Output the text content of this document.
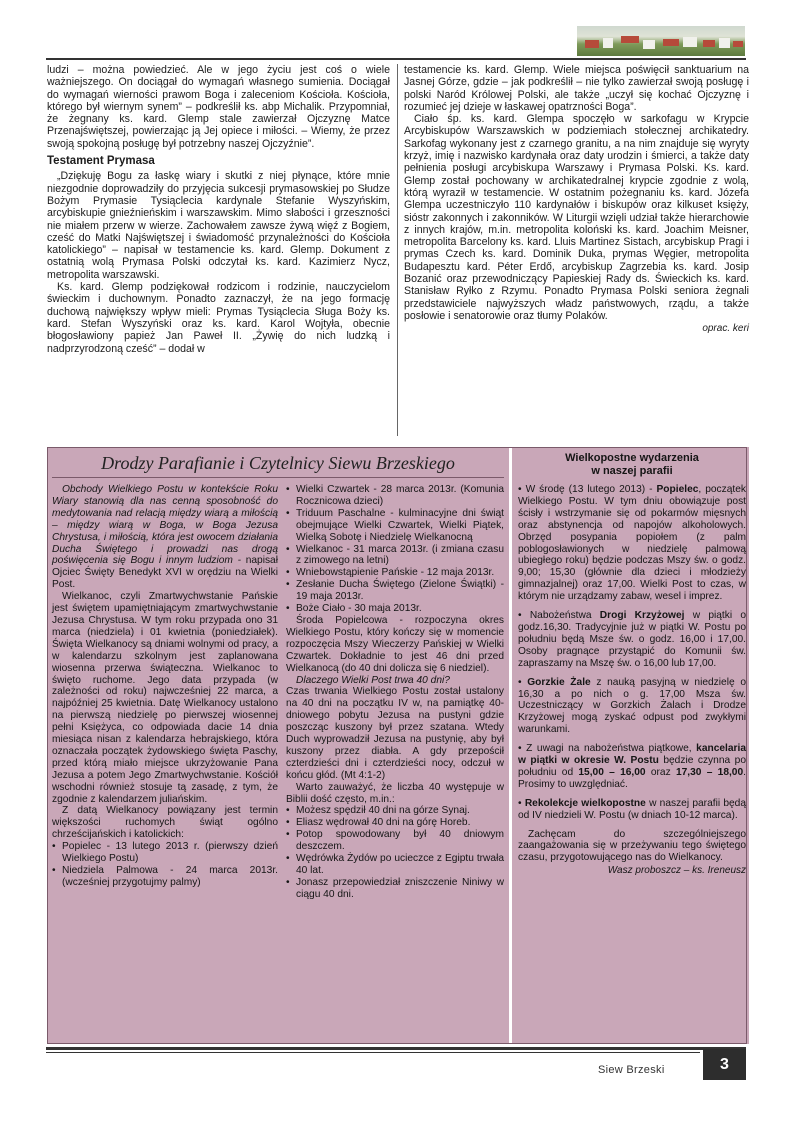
ludzi – można powiedzieć. Ale w jego życiu jest coś o wiele ważniejszego. On dociągał do wymagań własnego sumienia. Dociągał do wymagań wierności prawom Boga i zaleceniom Kościoła. Kościoła, którego był wiernym synem” – podkreślił ks. abp Michalik. Przypomniał, że żegnany ks. kard. Glemp stale zawierzał Ojczyznę Matce Przenajświętszej, powierzając ją Jej opiece i miłości. – Wiemy, że przez swoją spokojną posługę był potrzebny naszej Ojczyźnie”.

Testament Prymasa

„Dziękuję Bogu za łaskę wiary i skutki z niej płynące, które mnie niezgodnie doprowadziły do przyjęcia sukcesji prymasowskiej po Słudze Bożym Prymasie Tysiąclecia kardynale Stefanie Wyszyńskim, arcybiskupie gnieźnieńskim i warszawskim. Mimo słabości i grzeszności nie miałem przerw w wierze. Zachowałem zawsze żywą więź z Bogiem, cześć do Matki Najświętszej i świadomość przynależności do Kościoła katolickiego” – napisał w testamencie ks. kard. Glemp. Dokument z ostatnią wolą Prymasa Polski odczytał ks. kard. Kazimierz Nycz, metropolita warszawski.

Ks. kard. Glemp podziękował rodzicom i rodzinie, nauczycielom świeckim i duchownym. Ponadto zaznaczył, że na jego formację duchową największy wpływ mieli: Prymas Tysiąclecia Sługa Boży ks. kard. Stefan Wyszyński oraz ks. kard. Karol Wojtyła, obecnie błogosławiony papież Jan Paweł II. „Żywię do nich ludzką i nadprzyrodzoną cześć” – dodał w

testamencie ks. kard. Glemp. Wiele miejsca poświęcił sanktuarium na Jasnej Górze, gdzie – jak podkreślił – nie tylko zawierzał swoją posługę i polski Naród Królowej Polski, ale także „uczył się kochać Ojczyznę i rozumieć jej dzieje w łaskawej opatrzności Boga”.

Ciało śp. ks. kard. Glempa spoczęło w sarkofagu w Krypcie Arcybiskupów Warszawskich w podziemiach stołecznej archikatedry. Sarkofag wykonany jest z czarnego granitu, a na nim znajduje się wyryty krzyż, imię i nazwisko kardynała oraz daty urodzin i śmierci, a także daty pełnienia posługi arcybiskupa Warszawy i Prymasa Polski. Ks. kard. Glemp został pochowany w archikatedralnej krypcie zgodnie z wolą, którą wyraził w testamencie. W ostatnim pożegnaniu ks. kard. Józefa Glempa uczestniczyło 110 kardynałów i biskupów oraz kilkuset księży, sióstr zakonnych i zakonników. W Liturgii wzięli udział także hierarchowie z innych krajów, m.in. metropolita koloński ks. kard. Joachim Meisner, metropolita Barcelony ks. kard. Lluis Martinez Sistach, arcybiskup Pragi i prymas Czech ks. kard. Dominik Duka, prymas Węgier, metropolita Budapesztu kard. Péter Erdő, arcybiskup Zagrzebia ks. kard. Josip Bozanić oraz przewodniczący Papieskiej Rady ds. Świeckich ks. kard. Stanisław Ryłko z Rzymu. Ponadto Prymasa Polski seniora żegnali przedstawiciele najwyższych władz państwowych, rządu, a także posłowie i senatorowie oraz tłumy Polaków.

oprac. keri
Drodzy Parafianie i Czytelnicy Siewu Brzeskiego

Obchody Wielkiego Postu w kontekście Roku Wiary stanowią dla nas cenną sposobność do medytowania nad relacją między wiarą a miłością – między wiarą w Boga, w Boga Jezusa Chrystusa, i miłością, która jest owocem działania Ducha Świętego i prowadzi nas drogą poświęcenia się Bogu i innym ludziom - napisał Ojciec Święty Benedykt XVI w orędziu na Wielki Post.

Wielkanoc, czyli Zmartwychwstanie Pańskie jest świętem upamiętniającym zmartwychwstanie Jezusa Chrystusa. W tym roku przypada ono 31 marca (niedziela) i 01 kwietnia (poniedziałek). Święta Wielkanocy są dniami wolnymi od pracy, a w kalendarzu szkolnym jest zaplanowana wiosenna przerwa świąteczna. Wielkanoc to święto ruchome. Jego data przypada (w zależności od roku) najwcześniej 22 marca, a najpóźniej 25 kwietnia. Datę Wielkanocy ustalono na pierwszą niedzielę po pierwszej wiosennej pełni Księżyca, co odpowiada dacie 14 dnia miesiąca nisan z kalendarza hebrajskiego, która oznaczała początek żydowskiego święta Paschy, przed którą miało miejsce ukrzyżowanie Pana Jezusa a potem Jego Zmartwychwstanie. Kościół wschodni również stosuje tą zasadę, z tym, że zgodnie z kalendarzem juliańskim.

Z datą Wielkanocy powiązany jest termin większości ruchomych świąt ogólno chrześcijańskich i katolickich:

• Popielec - 13 lutego 2013 r. (pierwszy dzień Wielkiego Postu)
• Niedziela Palmowa - 24 marca 2013r. (wcześniej przygotujmy palmy)
• Wielki Czwartek - 28 marca 2013r. (Komunia Rocznicowa dzieci)
• Triduum Paschalne - kulminacyjne dni świąt obejmujące Wielki Czwartek, Wielki Piątek, Wielką Sobotę i Niedzielę Wielkanocną
• Wielkanoc - 31 marca 2013r. (i zmiana czasu z zimowego na letni)
• Wniebowstąpienie Pańskie - 12 maja 2013r.
• Zesłanie Ducha Świętego (Zielone Świątki) - 19 maja 2013r.
• Boże Ciało - 30 maja 2013r.

Środa Popielcowa - rozpoczyna okres Wielkiego Postu, który kończy się w momencie rozpoczęcia Mszy Wieczerzy Pańskiej w Wielki Czwartek. Dokładnie to jest 46 dni przed Wielkanocą (do 40 dni dolicza się 6 niedziel).

Dlaczego Wielki Post trwa 40 dni?

Czas trwania Wielkiego Postu został ustalony na 40 dni na początku IV w, na pamiątkę 40-dniowego pobytu Jezusa na pustyni gdzie poszcząc kuszony był przez szatana. Wtedy Duch wyprowadził Jezusa na pustynię, aby był kuszony przez diabła. A gdy przepościł czterdzieści dni i czterdzieści nocy, odczuł w końcu głód. (Mt 4:1-2)

Warto zauważyć, że liczba 40 występuje w Biblii dość często, m.in.:

• Możesz spędził 40 dni na górze Synaj.
• Eliasz wędrował 40 dni na górę Horeb.
• Potop spowodowany był 40 dniowym deszczem.
• Wędrówka Żydów po ucieczce z Egiptu trwała 40 lat.
• Jonasz przepowiedział zniszczenie Niniwy w ciągu 40 dni.
Wielkopostne wydarzenia
w naszej parafii

• W środę (13 lutego 2013) - Popielec, początek Wielkiego Postu. W tym dniu obowiązuje post ścisły i wstrzymanie się od pokarmów mięsnych oraz abstynencja od napojów alkoholowych. Obrzęd posypania popiołem (z palm poblogosławionych w niedzielę palmową ubiegłego roku) będzie podczas Mszy św. o godz. 9,00; 15,30 (głównie dla dzieci i młodzieży gimnazjalnej) oraz 17,00. Wielki Post to czas, w którym nie urządzamy zabaw, wesel i imprez.

• Nabożeństwa Drogi Krzyżowej w piątki o godz.16,30. Tradycyjnie już w piątki W. Postu po południu będą Msze św. o godz. 16,00 i 17,00. Osoby pragnące przystąpić do Komunii św. zapraszamy na Mszę św. o 16,00 lub 17,00.

• Gorzkie Żale z nauką pasyjną w niedzielę o 16,30 a po nich o g. 17,00 Msza św. Uczestniczący w Gorzkich Żalach i Drodze Krzyżowej mogą zyskać odpust pod zwykłymi warunkami.

• Z uwagi na nabożeństwa piątkowe, kancelaria w piątki w okresie W. Postu będzie czynna po południu od 15,00 – 16,00 oraz 17,30 – 18,00. Prosimy to uwzględniać.

• Rekolekcje wielkopostne w naszej parafii będą od IV niedzieli W. Postu (w dniach 10-12 marca).

Zachęcam do szczególniejszego zaangażowania się w przeżywaniu tego świętego czasu, przygotowującego nas do Wielkanocy.

Wasz proboszcz – ks. Ireneusz
Siew Brzeski	3
